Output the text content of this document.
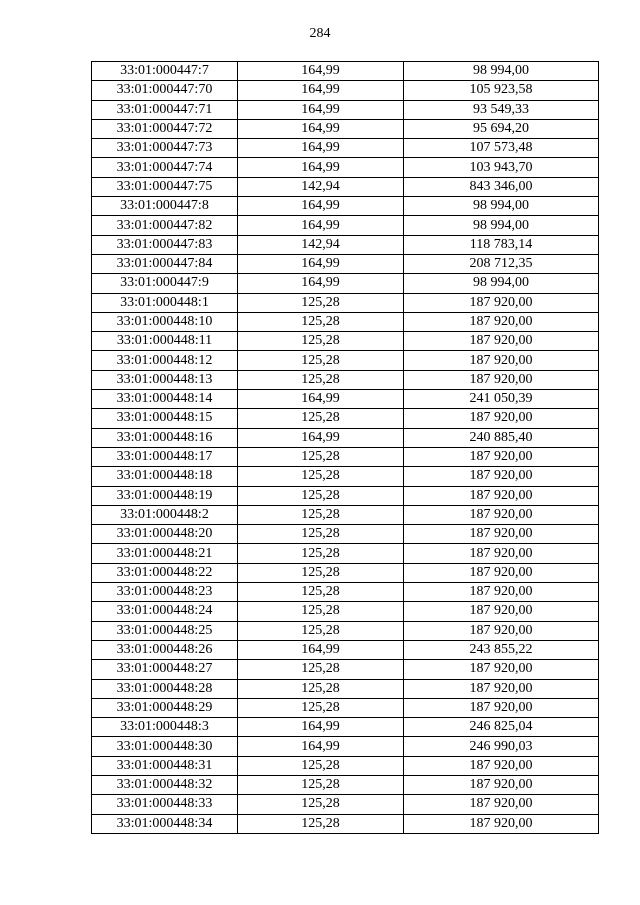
284
33:01:000447:7	164,99	98 994,00
33:01:000447:70	164,99	105 923,58
33:01:000447:71	164,99	93 549,33
33:01:000447:72	164,99	95 694,20
33:01:000447:73	164,99	107 573,48
33:01:000447:74	164,99	103 943,70
33:01:000447:75	142,94	843 346,00
33:01:000447:8	164,99	98 994,00
33:01:000447:82	164,99	98 994,00
33:01:000447:83	142,94	118 783,14
33:01:000447:84	164,99	208 712,35
33:01:000447:9	164,99	98 994,00
33:01:000448:1	125,28	187 920,00
33:01:000448:10	125,28	187 920,00
33:01:000448:11	125,28	187 920,00
33:01:000448:12	125,28	187 920,00
33:01:000448:13	125,28	187 920,00
33:01:000448:14	164,99	241 050,39
33:01:000448:15	125,28	187 920,00
33:01:000448:16	164,99	240 885,40
33:01:000448:17	125,28	187 920,00
33:01:000448:18	125,28	187 920,00
33:01:000448:19	125,28	187 920,00
33:01:000448:2	125,28	187 920,00
33:01:000448:20	125,28	187 920,00
33:01:000448:21	125,28	187 920,00
33:01:000448:22	125,28	187 920,00
33:01:000448:23	125,28	187 920,00
33:01:000448:24	125,28	187 920,00
33:01:000448:25	125,28	187 920,00
33:01:000448:26	164,99	243 855,22
33:01:000448:27	125,28	187 920,00
33:01:000448:28	125,28	187 920,00
33:01:000448:29	125,28	187 920,00
33:01:000448:3	164,99	246 825,04
33:01:000448:30	164,99	246 990,03
33:01:000448:31	125,28	187 920,00
33:01:000448:32	125,28	187 920,00
33:01:000448:33	125,28	187 920,00
33:01:000448:34	125,28	187 920,00
